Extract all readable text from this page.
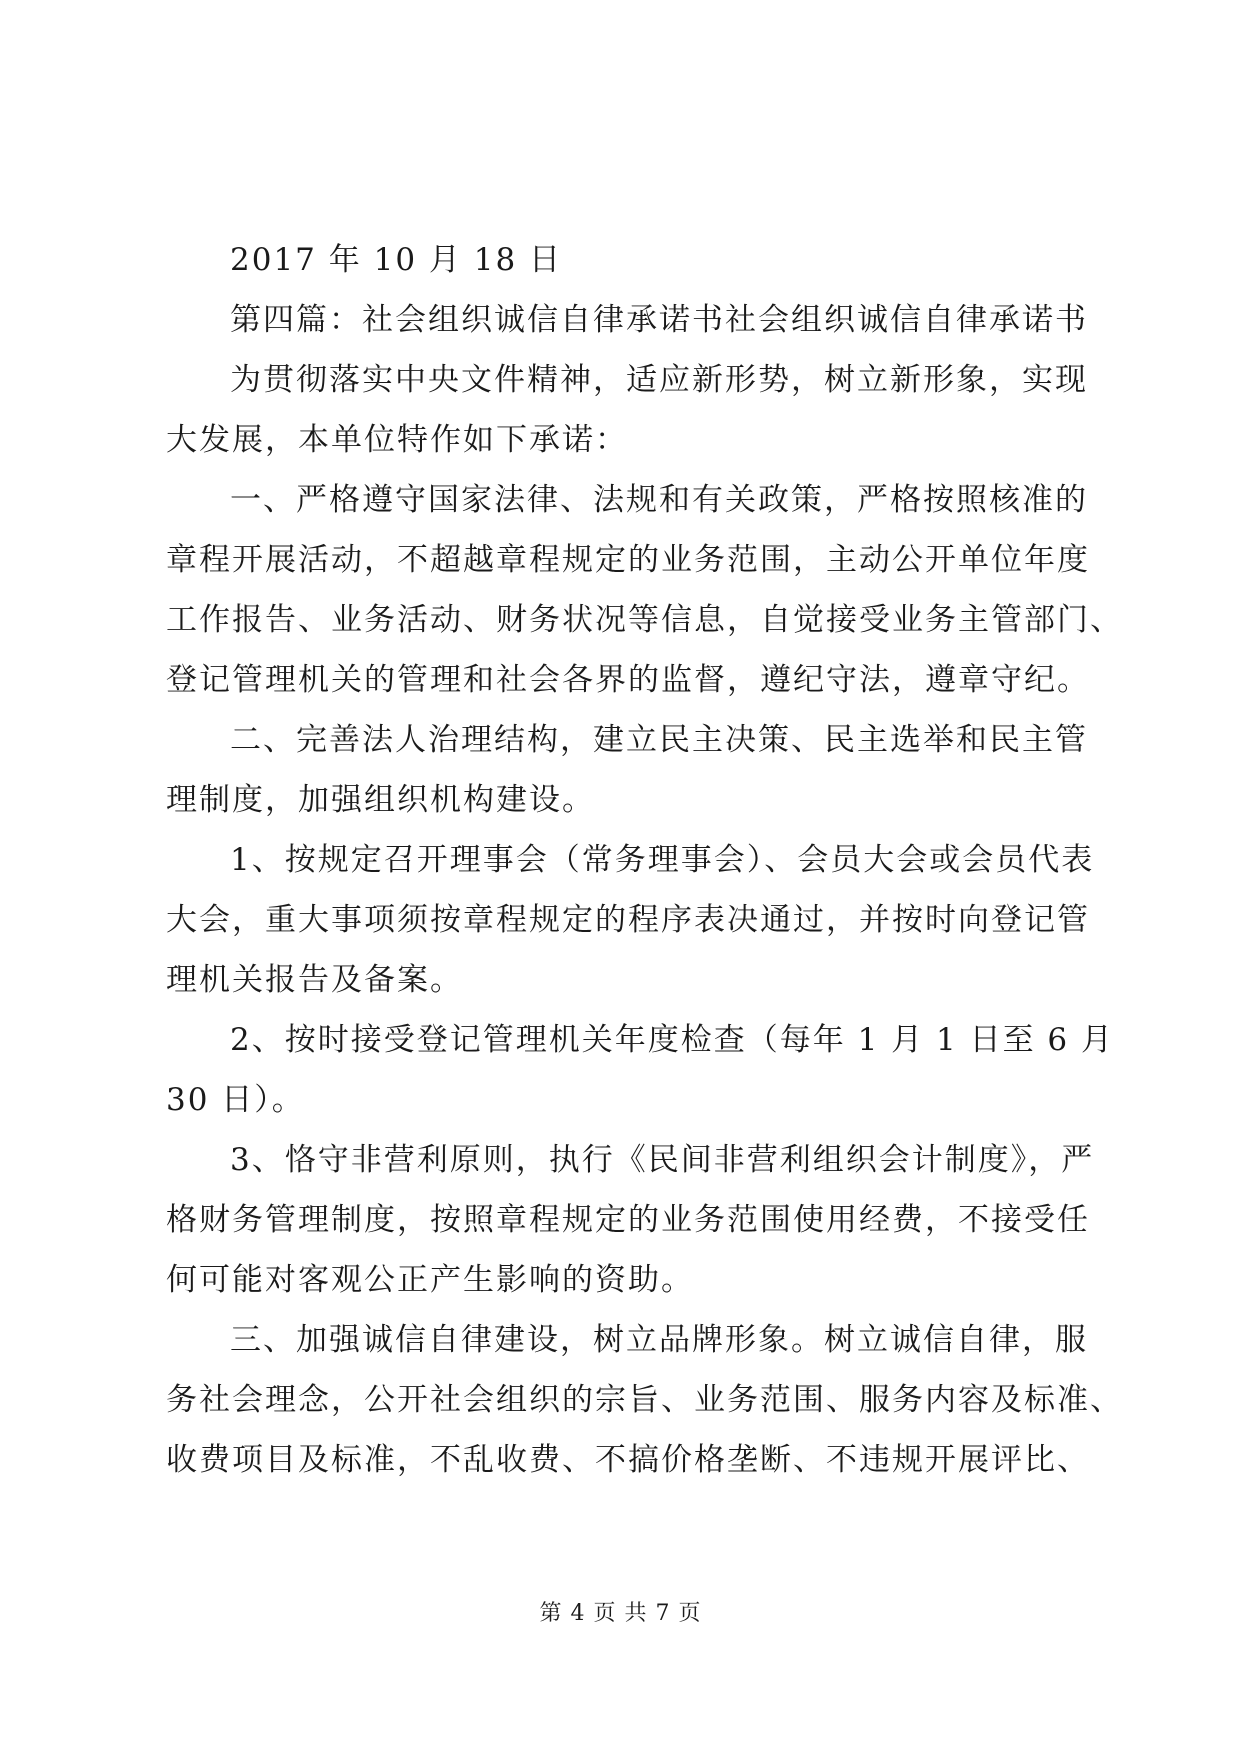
2017 年 10 月 18 日
第四篇：社会组织诚信自律承诺书社会组织诚信自律承诺书
为贯彻落实中央文件精神，适应新形势，树立新形象，实现
大发展，本单位特作如下承诺：
一、严格遵守国家法律、法规和有关政策，严格按照核准的
章程开展活动，不超越章程规定的业务范围，主动公开单位年度
工作报告、业务活动、财务状况等信息，自觉接受业务主管部门、
登记管理机关的管理和社会各界的监督，遵纪守法，遵章守纪。
二、完善法人治理结构，建立民主决策、民主选举和民主管
理制度，加强组织机构建设。
1、按规定召开理事会（常务理事会）、会员大会或会员代表
大会，重大事项须按章程规定的程序表决通过，并按时向登记管
理机关报告及备案。
2、按时接受登记管理机关年度检查（每年 1 月 1 日至 6 月
30 日）。
3、恪守非营利原则，执行《民间非营利组织会计制度》，严
格财务管理制度，按照章程规定的业务范围使用经费，不接受任
何可能对客观公正产生影响的资助。
三、加强诚信自律建设，树立品牌形象。树立诚信自律，服
务社会理念，公开社会组织的宗旨、业务范围、服务内容及标准、
收费项目及标准，不乱收费、不搞价格垄断、不违规开展评比、
第 4 页 共 7 页
